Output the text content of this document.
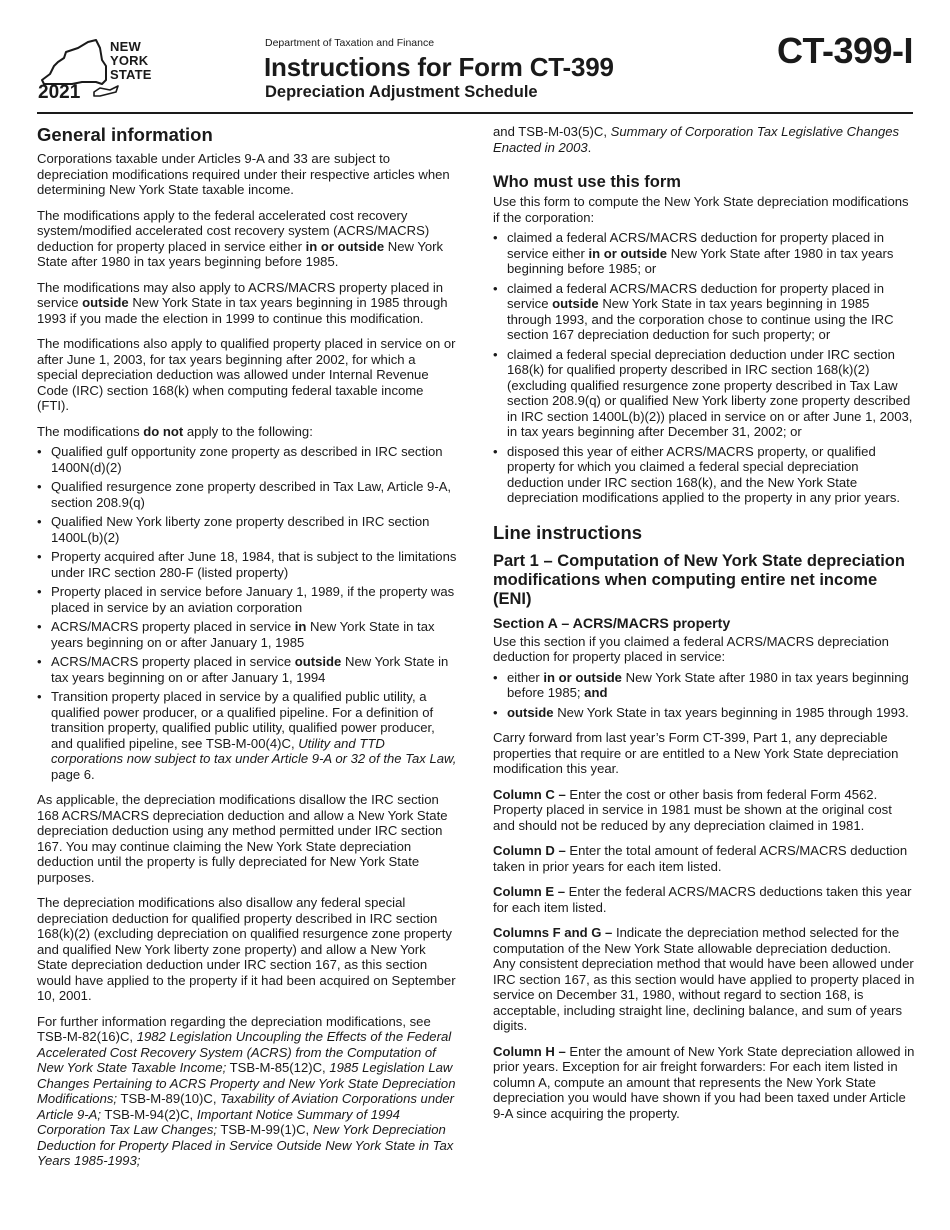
NEW
YORK
STATE
2021
Department of Taxation and Finance
Instructions for Form CT-399
Depreciation Adjustment Schedule
CT-399-I
General information

Corporations taxable under Articles 9-A and 33 are subject to depreciation modifications required under their respective articles when determining New York State taxable income.

The modifications apply to the federal accelerated cost recovery system/modified accelerated cost recovery system (ACRS/MACRS) deduction for property placed in service either in or outside New York State after 1980 in tax years beginning before 1985.

The modifications may also apply to ACRS/MACRS property placed in service outside New York State in tax years beginning in 1985 through 1993 if you made the election in 1999 to continue this modification.

The modifications also apply to qualified property placed in service on or after June 1, 2003, for tax years beginning after 2002, for which a special depreciation deduction was allowed under Internal Revenue Code (IRC) section 168(k) when computing federal taxable income (FTI).

The modifications do not apply to the following:

• Qualified gulf opportunity zone property as described in IRC section 1400N(d)(2)
• Qualified resurgence zone property described in Tax Law, Article 9-A, section 208.9(q)
• Qualified New York liberty zone property described in IRC section 1400L(b)(2)
• Property acquired after June 18, 1984, that is subject to the limitations under IRC section 280-F (listed property)
• Property placed in service before January 1, 1989, if the property was placed in service by an aviation corporation
• ACRS/MACRS property placed in service in New York State in tax years beginning on or after January 1, 1985
• ACRS/MACRS property placed in service outside New York State in tax years beginning on or after January 1, 1994
• Transition property placed in service by a qualified public utility, a qualified power producer, or a qualified pipeline. For a definition of transition property, qualified public utility, qualified power producer, and qualified pipeline, see TSB-M-00(4)C, Utility and TTD corporations now subject to tax under Article 9-A or 32 of the Tax Law, page 6.

As applicable, the depreciation modifications disallow the IRC section 168 ACRS/MACRS depreciation deduction and allow a New York State depreciation deduction using any method permitted under IRC section 167. You may continue claiming the New York State depreciation deduction until the property is fully depreciated for New York State purposes.

The depreciation modifications also disallow any federal special depreciation deduction for qualified property described in IRC section 168(k)(2) (excluding depreciation on qualified resurgence zone property and qualified New York liberty zone property) and allow a New York State depreciation deduction under IRC section 167, as this section would have applied to the property if it had been acquired on September 10, 2001.

For further information regarding the depreciation modifications, see TSB-M-82(16)C, 1982 Legislation Uncoupling the Effects of the Federal Accelerated Cost Recovery System (ACRS) from the Computation of New York State Taxable Income; TSB-M-85(12)C, 1985 Legislation Law Changes Pertaining to ACRS Property and New York State Depreciation Modifications; TSB-M-89(10)C, Taxability of Aviation Corporations under Article 9-A; TSB-M-94(2)C, Important Notice Summary of 1994 Corporation Tax Law Changes; TSB-M-99(1)C, New York Depreciation Deduction for Property Placed in Service Outside New York State in Tax Years 1985-1993;

and TSB-M-03(5)C, Summary of Corporation Tax Legislative Changes Enacted in 2003.

Who must use this form

Use this form to compute the New York State depreciation modifications if the corporation:

• claimed a federal ACRS/MACRS deduction for property placed in service either in or outside New York State after 1980 in tax years beginning before 1985; or
• claimed a federal ACRS/MACRS deduction for property placed in service outside New York State in tax years beginning in 1985 through 1993, and the corporation chose to continue using the IRC section 167 depreciation deduction for such property; or
• claimed a federal special depreciation deduction under IRC section 168(k) for qualified property described in IRC section 168(k)(2) (excluding qualified resurgence zone property described in Tax Law section 208.9(q) or qualified New York liberty zone property described in IRC section 1400L(b)(2)) placed in service on or after June 1, 2003, in tax years beginning after December 31, 2002; or
• disposed this year of either ACRS/MACRS property, or qualified property for which you claimed a federal special depreciation deduction under IRC section 168(k), and the New York State depreciation modifications applied to the property in any prior years.
Line instructions
Part 1 – Computation of New York State depreciation modifications when computing entire net income (ENI)
Section A – ACRS/MACRS property

Use this section if you claimed a federal ACRS/MACRS depreciation deduction for property placed in service:

• either in or outside New York State after 1980 in tax years beginning before 1985; and
• outside New York State in tax years beginning in 1985 through 1993.

Carry forward from last year’s Form CT-399, Part 1, any depreciable properties that require or are entitled to a New York State depreciation modification this year.

Column C – Enter the cost or other basis from federal Form 4562. Property placed in service in 1981 must be shown at the original cost and should not be reduced by any depreciation claimed in 1981.

Column D – Enter the total amount of federal ACRS/MACRS deduction taken in prior years for each item listed.

Column E – Enter the federal ACRS/MACRS deductions taken this year for each item listed.

Columns F and G – Indicate the depreciation method selected for the computation of the New York State allowable depreciation deduction. Any consistent depreciation method that would have been allowed under IRC section 167, as this section would have applied to property placed in service on December 31, 1980, without regard to section 168, is acceptable, including straight line, declining balance, and sum of years digits.

Column H – Enter the amount of New York State depreciation allowed in prior years. Exception for air freight forwarders: For each item listed in column A, compute an amount that represents the New York State depreciation you would have shown if you had been taxed under Article 9-A since acquiring the property.
